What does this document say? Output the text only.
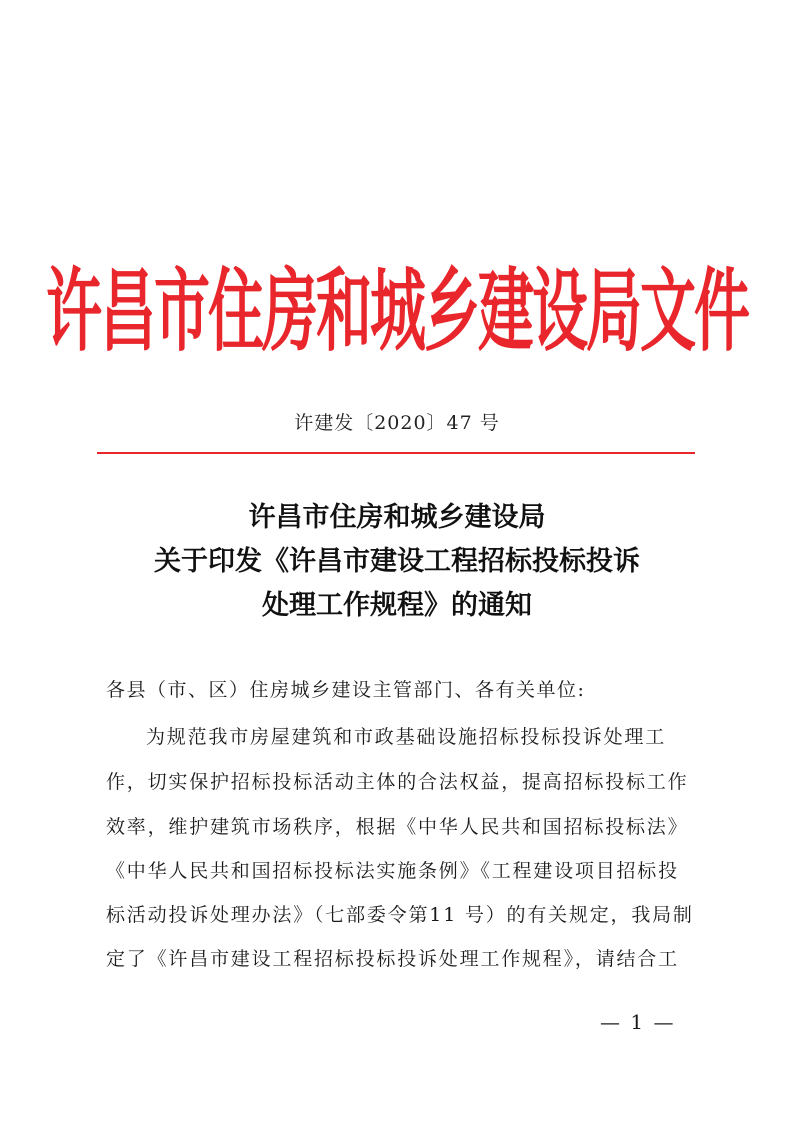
许昌市住房和城乡建设局文件
许建发〔2020〕47 号
许昌市住房和城乡建设局
关于印发《许昌市建设工程招标投标投诉
处理工作规程》的通知
各县（市、区）住房城乡建设主管部门、各有关单位:
为规范我市房屋建筑和市政基础设施招标投标投诉处理工
作，切实保护招标投标活动主体的合法权益，提高招标投标工作
效率，维护建筑市场秩序，根据《中华人民共和国招标投标法》
《中华人民共和国招标投标法实施条例》《工程建设项目招标投
标活动投诉处理办法》（七部委令第11 号）的有关规定，我局制
定了《许昌市建设工程招标投标投诉处理工作规程》，请结合工
— 1 —
